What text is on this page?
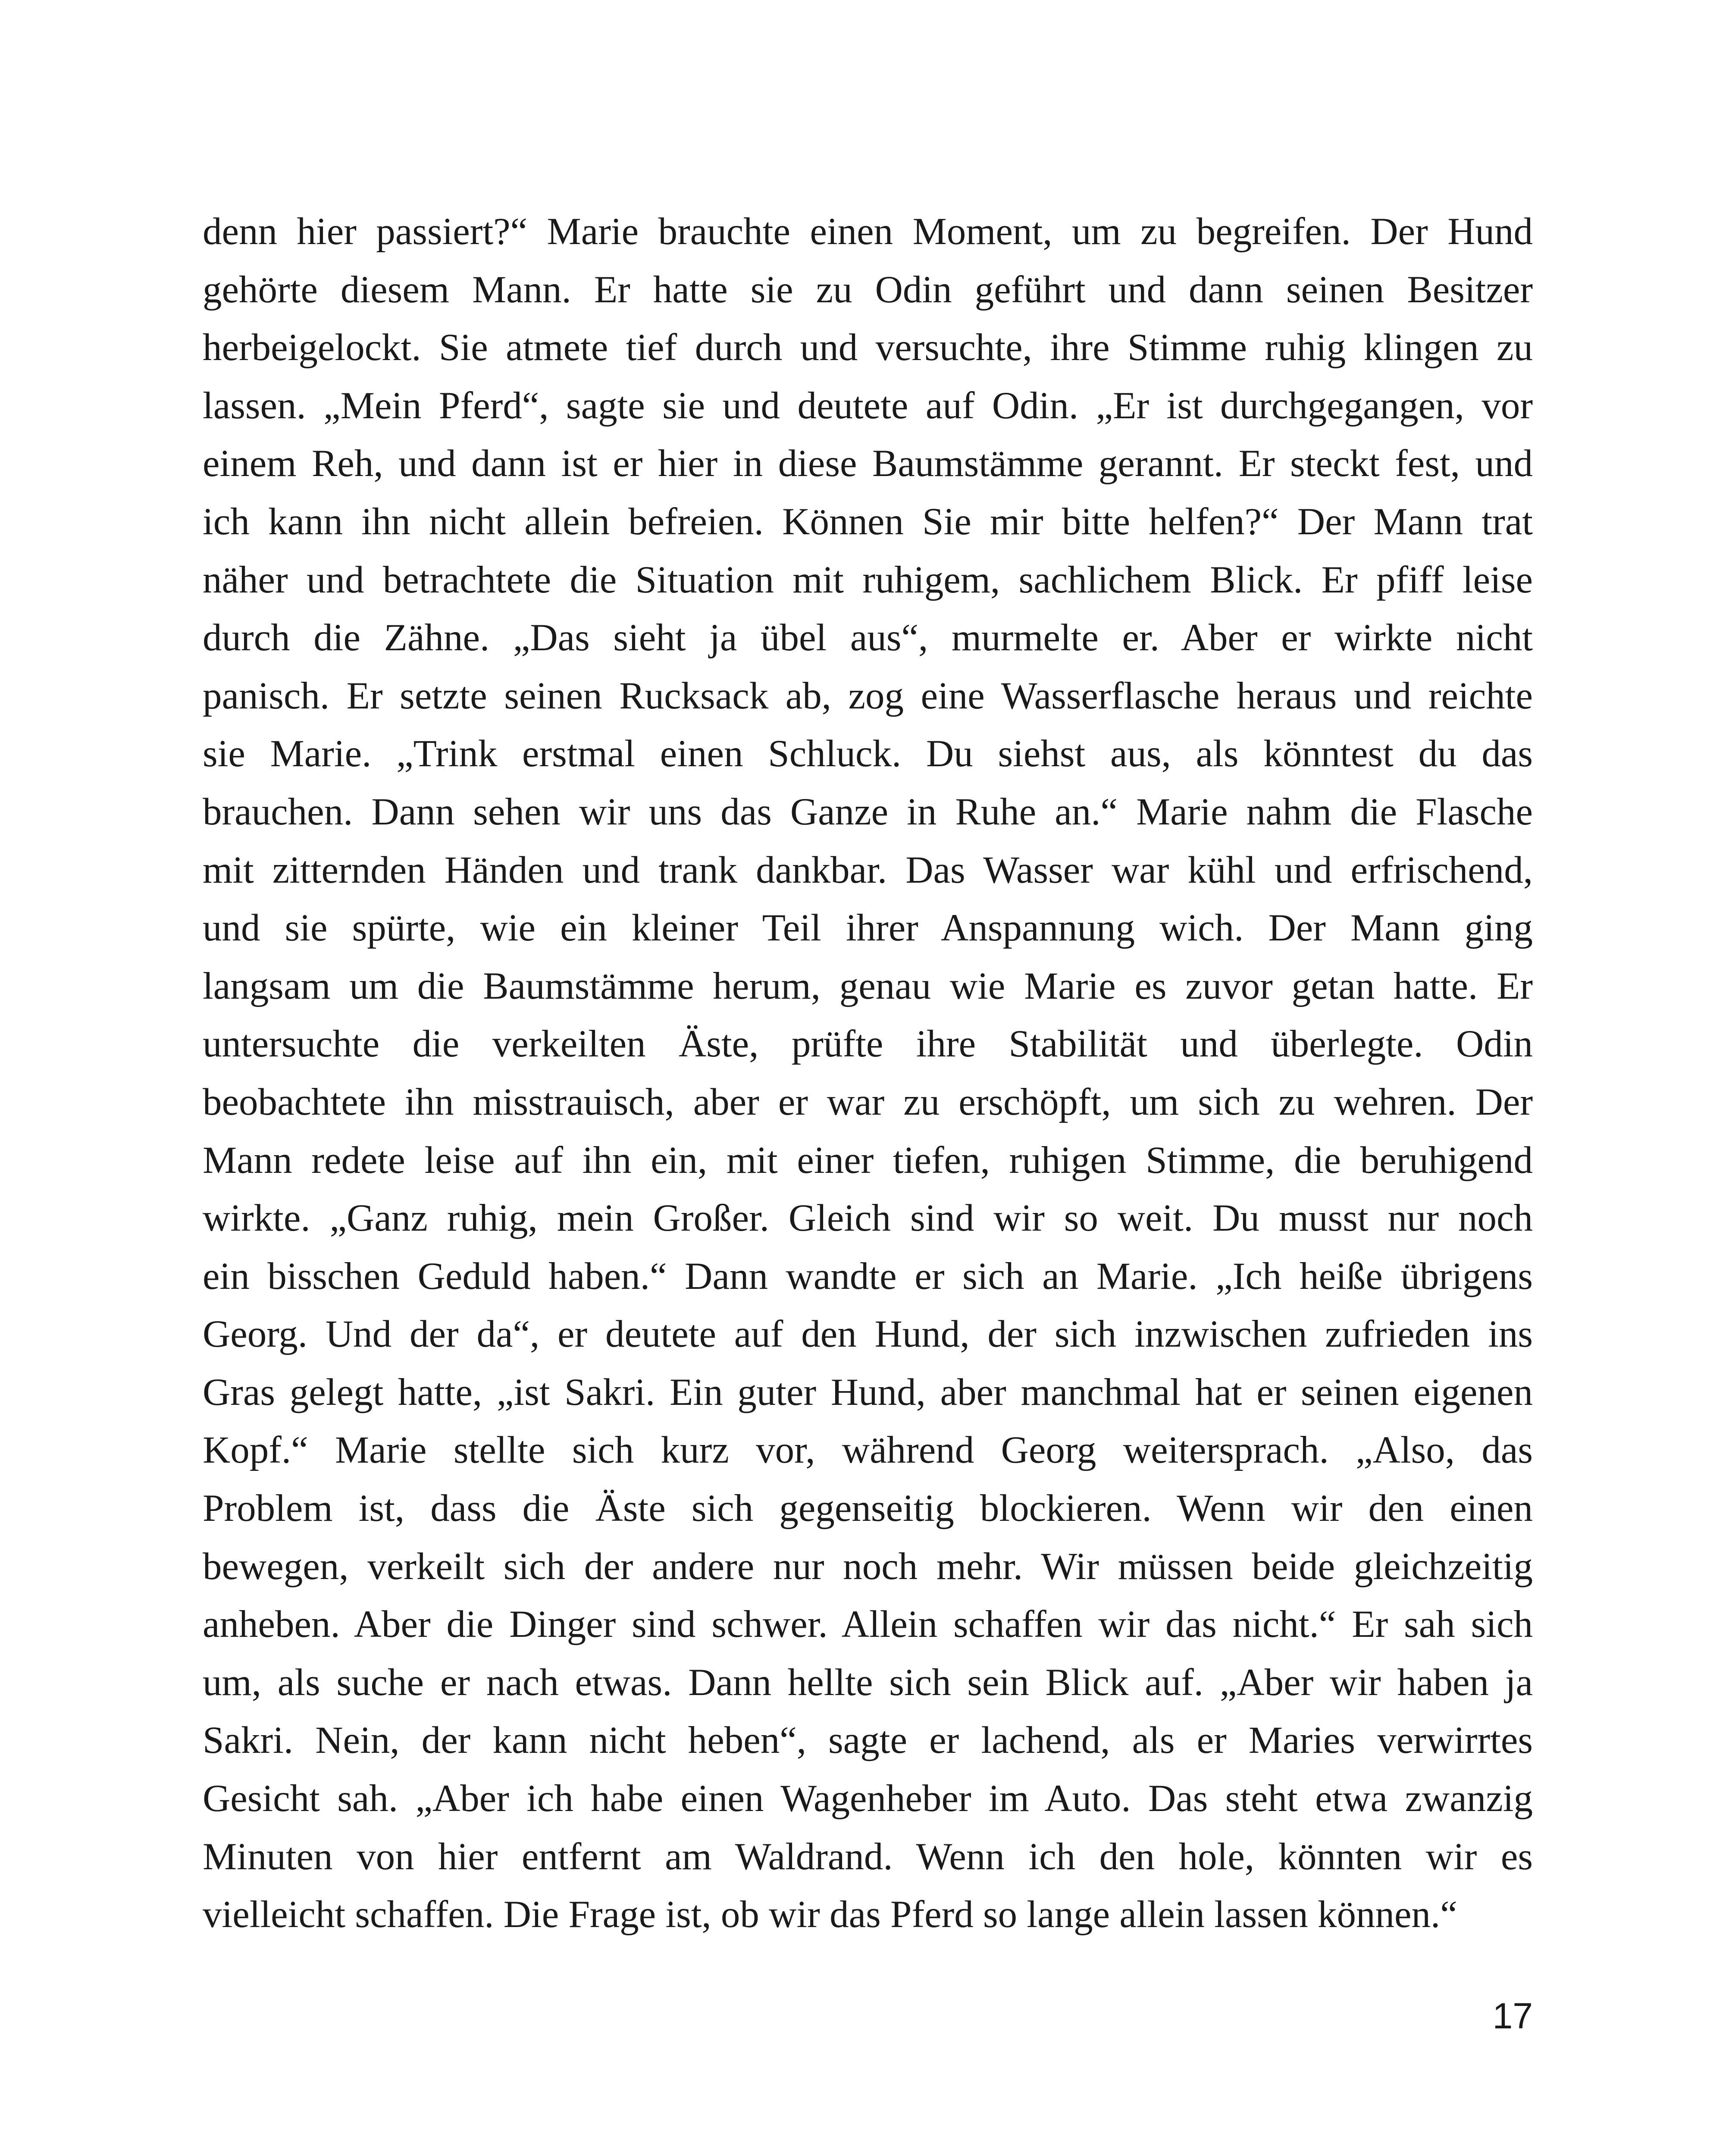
denn hier passiert?“ Marie brauchte einen Moment, um zu begreifen. Der Hund
gehörte diesem Mann. Er hatte sie zu Odin geführt und dann seinen Besitzer
herbeigelockt. Sie atmete tief durch und versuchte, ihre Stimme ruhig klingen zu
lassen. „Mein Pferd“, sagte sie und deutete auf Odin. „Er ist durchgegangen, vor
einem Reh, und dann ist er hier in diese Baumstämme gerannt. Er steckt fest, und
ich kann ihn nicht allein befreien. Können Sie mir bitte helfen?“ Der Mann trat
näher und betrachtete die Situation mit ruhigem, sachlichem Blick. Er pfiff leise
durch die Zähne. „Das sieht ja übel aus“, murmelte er. Aber er wirkte nicht
panisch. Er setzte seinen Rucksack ab, zog eine Wasserflasche heraus und reichte
sie Marie. „Trink erstmal einen Schluck. Du siehst aus, als könntest du das
brauchen. Dann sehen wir uns das Ganze in Ruhe an.“ Marie nahm die Flasche
mit zitternden Händen und trank dankbar. Das Wasser war kühl und erfrischend,
und sie spürte, wie ein kleiner Teil ihrer Anspannung wich. Der Mann ging
langsam um die Baumstämme herum, genau wie Marie es zuvor getan hatte. Er
untersuchte die verkeilten Äste, prüfte ihre Stabilität und überlegte. Odin
beobachtete ihn misstrauisch, aber er war zu erschöpft, um sich zu wehren. Der
Mann redete leise auf ihn ein, mit einer tiefen, ruhigen Stimme, die beruhigend
wirkte. „Ganz ruhig, mein Großer. Gleich sind wir so weit. Du musst nur noch
ein bisschen Geduld haben.“ Dann wandte er sich an Marie. „Ich heiße übrigens
Georg. Und der da“, er deutete auf den Hund, der sich inzwischen zufrieden ins
Gras gelegt hatte, „ist Sakri. Ein guter Hund, aber manchmal hat er seinen eigenen
Kopf.“ Marie stellte sich kurz vor, während Georg weitersprach. „Also, das
Problem ist, dass die Äste sich gegenseitig blockieren. Wenn wir den einen
bewegen, verkeilt sich der andere nur noch mehr. Wir müssen beide gleichzeitig
anheben. Aber die Dinger sind schwer. Allein schaffen wir das nicht.“ Er sah sich
um, als suche er nach etwas. Dann hellte sich sein Blick auf. „Aber wir haben ja
Sakri. Nein, der kann nicht heben“, sagte er lachend, als er Maries verwirrtes
Gesicht sah. „Aber ich habe einen Wagenheber im Auto. Das steht etwa zwanzig
Minuten von hier entfernt am Waldrand. Wenn ich den hole, könnten wir es
vielleicht schaffen. Die Frage ist, ob wir das Pferd so lange allein lassen können.“
17
